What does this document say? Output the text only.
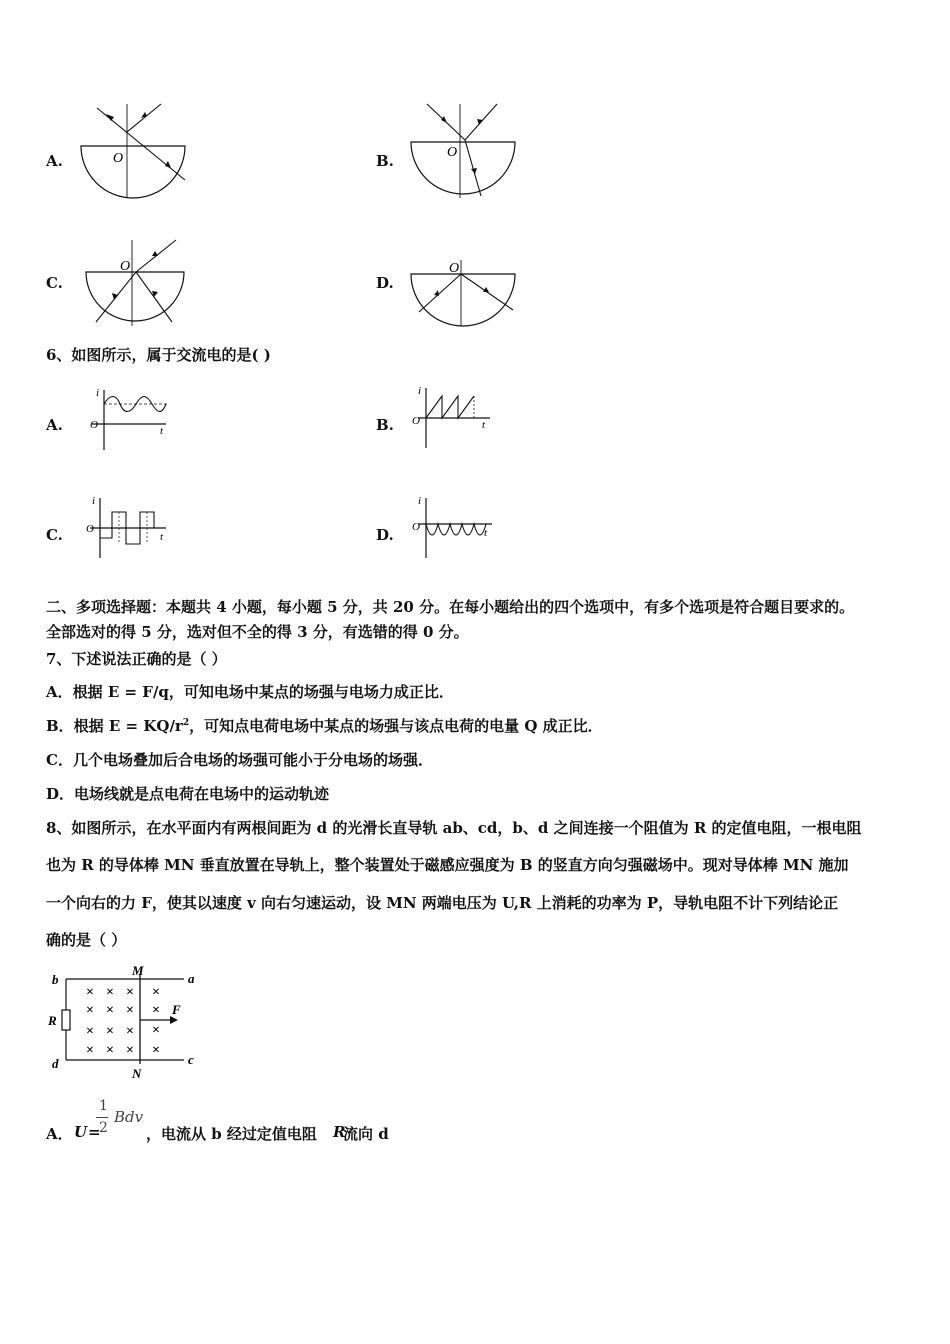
A.	O	B.	O
C.
O
D.
O
6、如图所示，属于交流电的是( )
A.
i
t
O	B.
i
t
O
C.
i
t
O	D.
i
t
O
二、多项选择题：本题共 4 小题，每小题 5 分，共 20 分。在每小题给出的四个选项中，有多个选项是符合题目要求的。
全部选对的得 5 分，选对但不全的得 3 分，有选错的得 0 分。
7、下述说法正确的是（ ）
A．根据 E = F/q，可知电场中某点的场强与电场力成正比．
B．根据 $E = KQ/r^2$，可知点电荷电场中某点的场强与该点电荷的电量 Q 成正比．
C．几个电场叠加后合电场的场强可能小于分电场的场强．
D．电场线就是点电荷在电场中的运动轨迹
8、如图所示，在水平面内有两根间距为 d 的光滑长直导轨 ab、cd，b、d 之间连接一个阻值为 R 的定值电阻，一根电阻
也为 R 的导体棒 MN 垂直放置在导轨上，整个装置处于磁感应强度为 B 的竖直方向匀强磁场中。现对导体棒 MN 施加
一个向右的力 F，使其以速度 v 向右匀速运动，设 MN 两端电压为 U,R 上消耗的功率为 P，导轨电阻不计下列结论正
确的是（ ）
× × × ×
× × × ×
× × × ×
× × × ×
b
M
a
R
F
d
N
c
A． U =
1
2
Bdv
，电流从 b 经过定值电阻 R
流向 d
